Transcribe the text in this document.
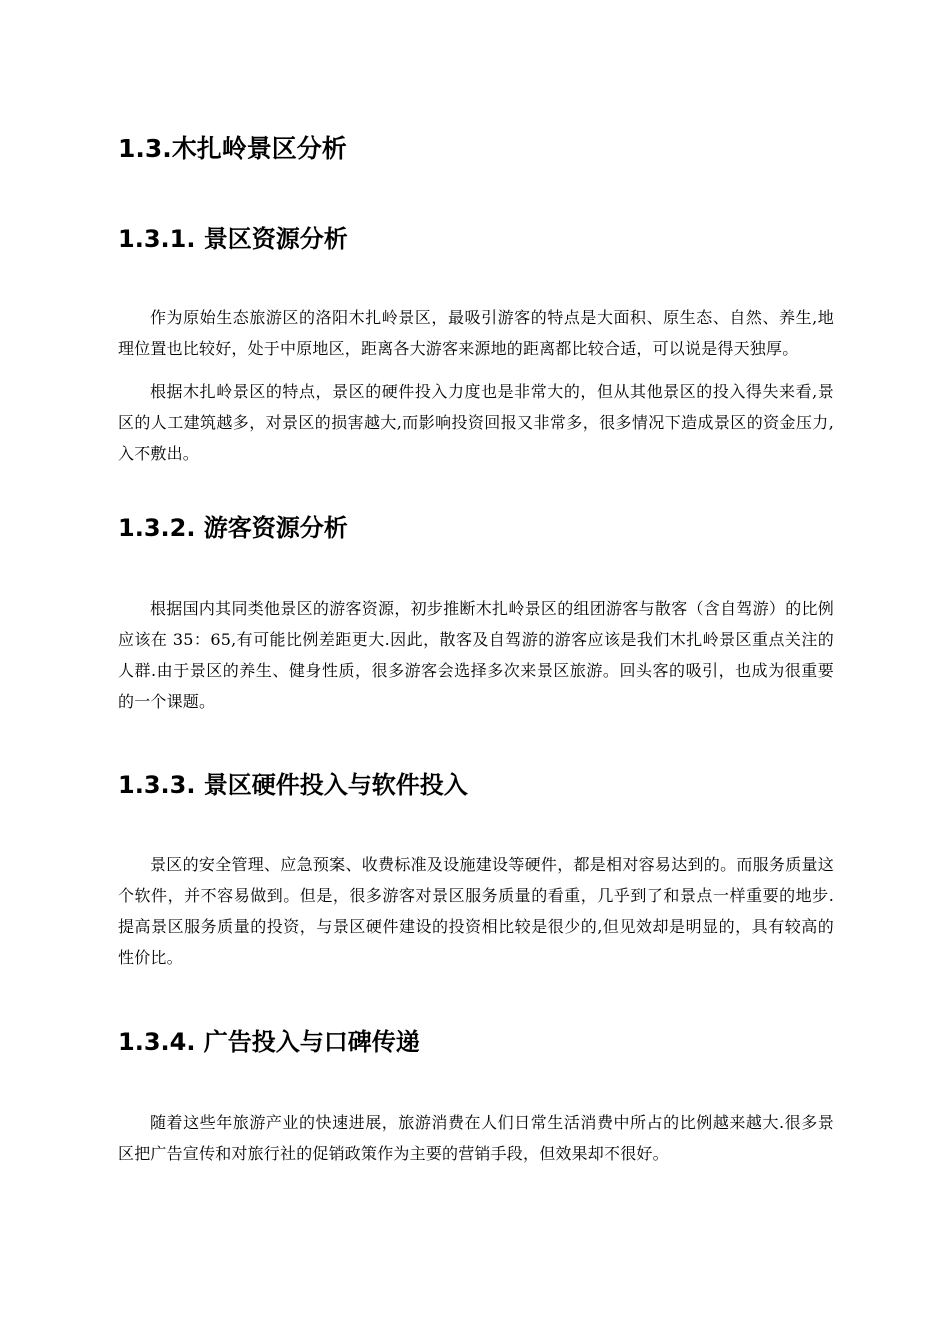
1.3.木扎岭景区分析
1.3.1. 景区资源分析

作为原始生态旅游区的洛阳木扎岭景区，最吸引游客的特点是大面积、原生态、自然、养生,地理位置也比较好，处于中原地区，距离各大游客来源地的距离都比较合适，可以说是得天独厚。

根据木扎岭景区的特点，景区的硬件投入力度也是非常大的，但从其他景区的投入得失来看,景区的人工建筑越多，对景区的损害越大,而影响投资回报又非常多，很多情况下造成景区的资金压力,入不敷出。

1.3.2. 游客资源分析

根据国内其同类他景区的游客资源，初步推断木扎岭景区的组团游客与散客（含自驾游）的比例应该在 35：65,有可能比例差距更大.因此，散客及自驾游的游客应该是我们木扎岭景区重点关注的人群.由于景区的养生、健身性质，很多游客会选择多次来景区旅游。回头客的吸引，也成为很重要的一个课题。

1.3.3. 景区硬件投入与软件投入

景区的安全管理、应急预案、收费标准及设施建设等硬件，都是相对容易达到的。而服务质量这个软件，并不容易做到。但是，很多游客对景区服务质量的看重，几乎到了和景点一样重要的地步.提高景区服务质量的投资，与景区硬件建设的投资相比较是很少的,但见效却是明显的，具有较高的性价比。

1.3.4. 广告投入与口碑传递

随着这些年旅游产业的快速进展，旅游消费在人们日常生活消费中所占的比例越来越大.很多景区把广告宣传和对旅行社的促销政策作为主要的营销手段，但效果却不很好。
